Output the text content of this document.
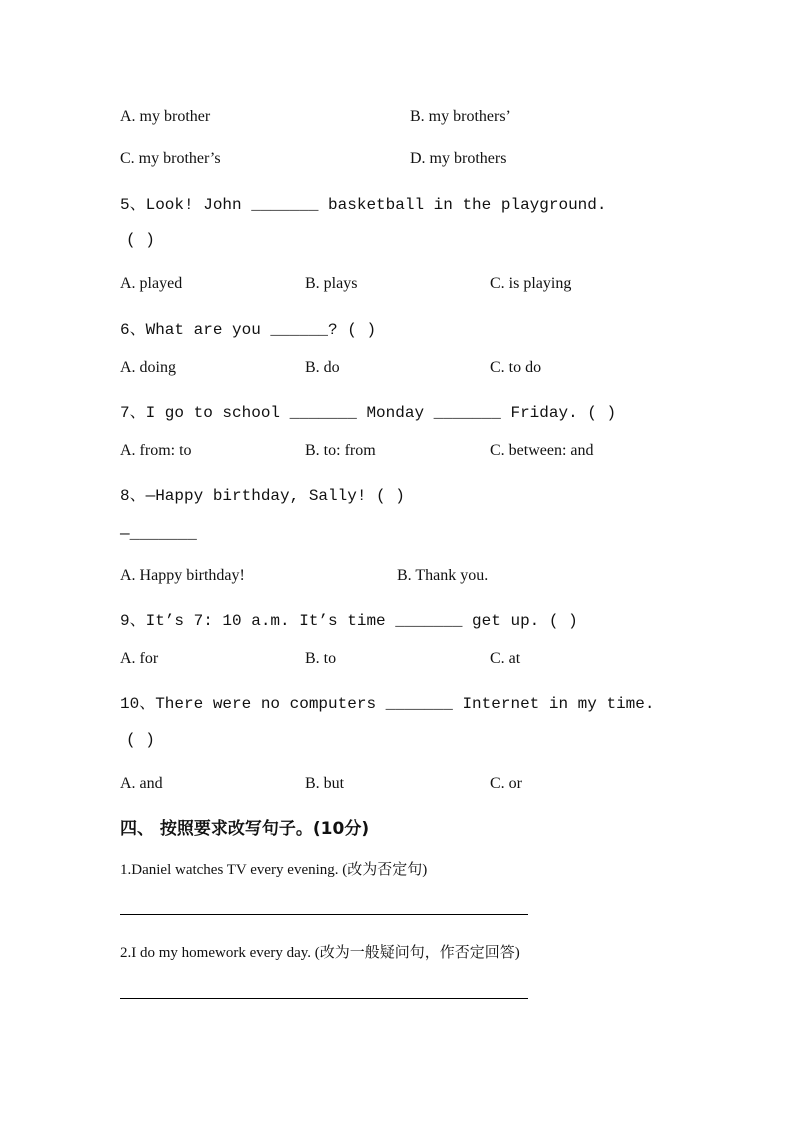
A. my brother	B. my brothers’
C. my brother’s	D. my brothers
5、Look! John _______ basketball in the playground.
( )
A. played	B. plays	C. is playing
6、What are you ______? ( )
A. doing	B. do	C. to do
7、I go to school _______ Monday _______ Friday. ( )
A. from: to	B. to: from	C. between: and
8、—Happy birthday, Sally! ( )
—_______
A. Happy birthday!	B. Thank you.
9、It’s 7: 10 a.m. It’s time _______ get up. ( )
A. for	B. to	C. at
10、There were no computers _______ Internet in my time.
( )
A. and	B. but	C. or
四、 按照要求改写句子。(10分)
1.Daniel watches TV every evening. (改为否定句)
2.I do my homework every day. (改为一般疑问句，作否定回答)
